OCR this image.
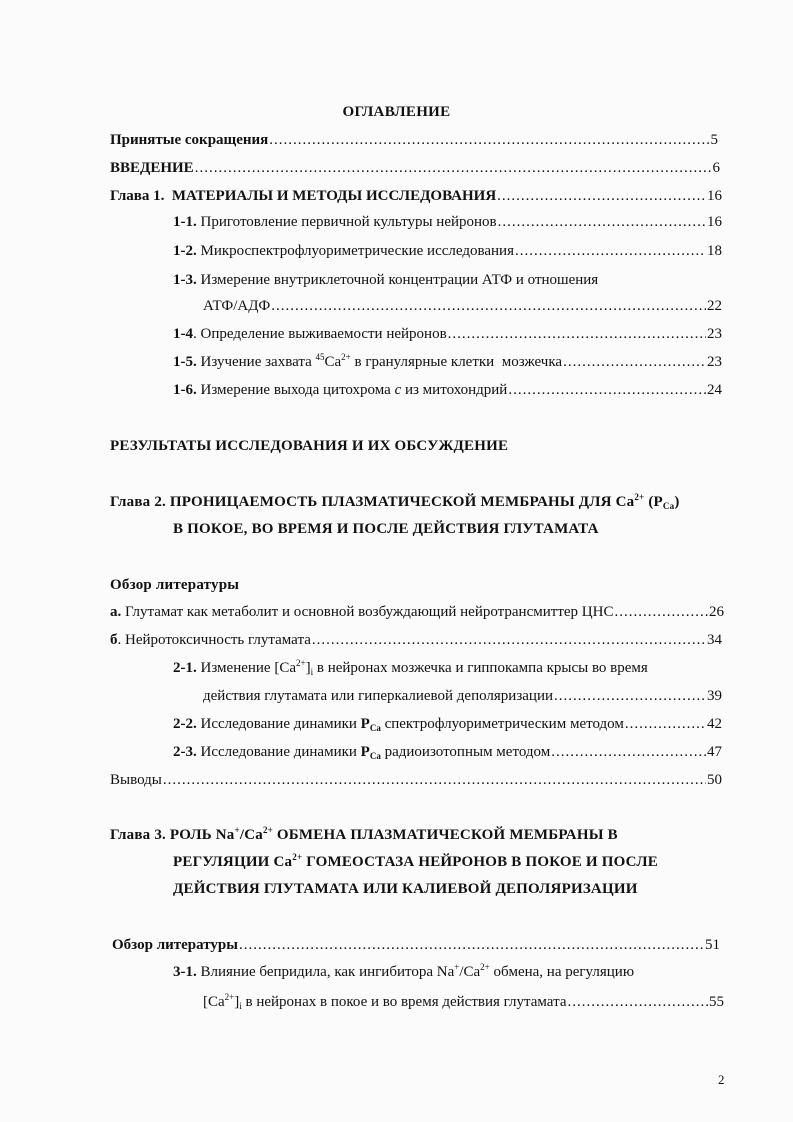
ОГЛАВЛЕНИЕ
Принятые сокращения .....	5
ВВЕДЕНИЕ .....	6
Глава 1.  МАТЕРИАЛЫ И МЕТОДЫ ИССЛЕДОВАНИЯ .....	16
1-1. Приготовление первичной культуры нейронов .....	16
1-2. Микроспектрофлуориметрические исследования .....	18
1-3. Измерение внутриклеточной концентрации АТФ и отношения
АТФ/АДФ .....	22
1-4. Определение выживаемости нейронов .....	23
1-5. Изучение захвата $^{45}Ca^{2+}$ в гранулярные клетки  мозжечка .....	23
1-6. Измерение выхода цитохрома c из митохондрий .....	24
РЕЗУЛЬТАТЫ ИССЛЕДОВАНИЯ И ИХ ОБСУЖДЕНИЕ
Глава 2. ПРОНИЦАЕМОСТЬ ПЛАЗМАТИЧЕСКОЙ МЕМБРАНЫ ДЛЯ $Ca^{2+}$ $(P_{Ca})$
В ПОКОЕ, ВО ВРЕМЯ И ПОСЛЕ ДЕЙСТВИЯ ГЛУТАМАТА
Обзор литературы
а. Глутамат как метаболит и основной возбуждающий нейротрансмиттер ЦНС .....	26
б. Нейротоксичность глутамата .....	34
2-1. Изменение $[Ca^{2+}]_i$ в нейронах мозжечка и гиппокампа крысы во время
действия глутамата или гиперкалиевой деполяризации .....	39
2-2. Исследование динамики $P_{Ca}$ спектрофлуориметрическим методом .....	42
2-3. Исследование динамики $P_{Ca}$ радиоизотопным методом .....	47
Выводы .....	50
Глава 3. РОЛЬ $Na^+/Ca^{2+}$ ОБМЕНА ПЛАЗМАТИЧЕСКОЙ МЕМБРАНЫ В
РЕГУЛЯЦИИ $Ca^{2+}$ ГОМЕОСТАЗА НЕЙРОНОВ В ПОКОЕ И ПОСЛЕ
ДЕЙСТВИЯ ГЛУТАМАТА ИЛИ КАЛИЕВОЙ ДЕПОЛЯРИЗАЦИИ
Обзор литературы .....	51
3-1. Влияние бепридила, как ингибитора $Na^+/Ca^{2+}$ обмена, на регуляцию
$[Ca^{2+}]_i$ в нейронах в покое и во время действия глутамата .....	55
2
